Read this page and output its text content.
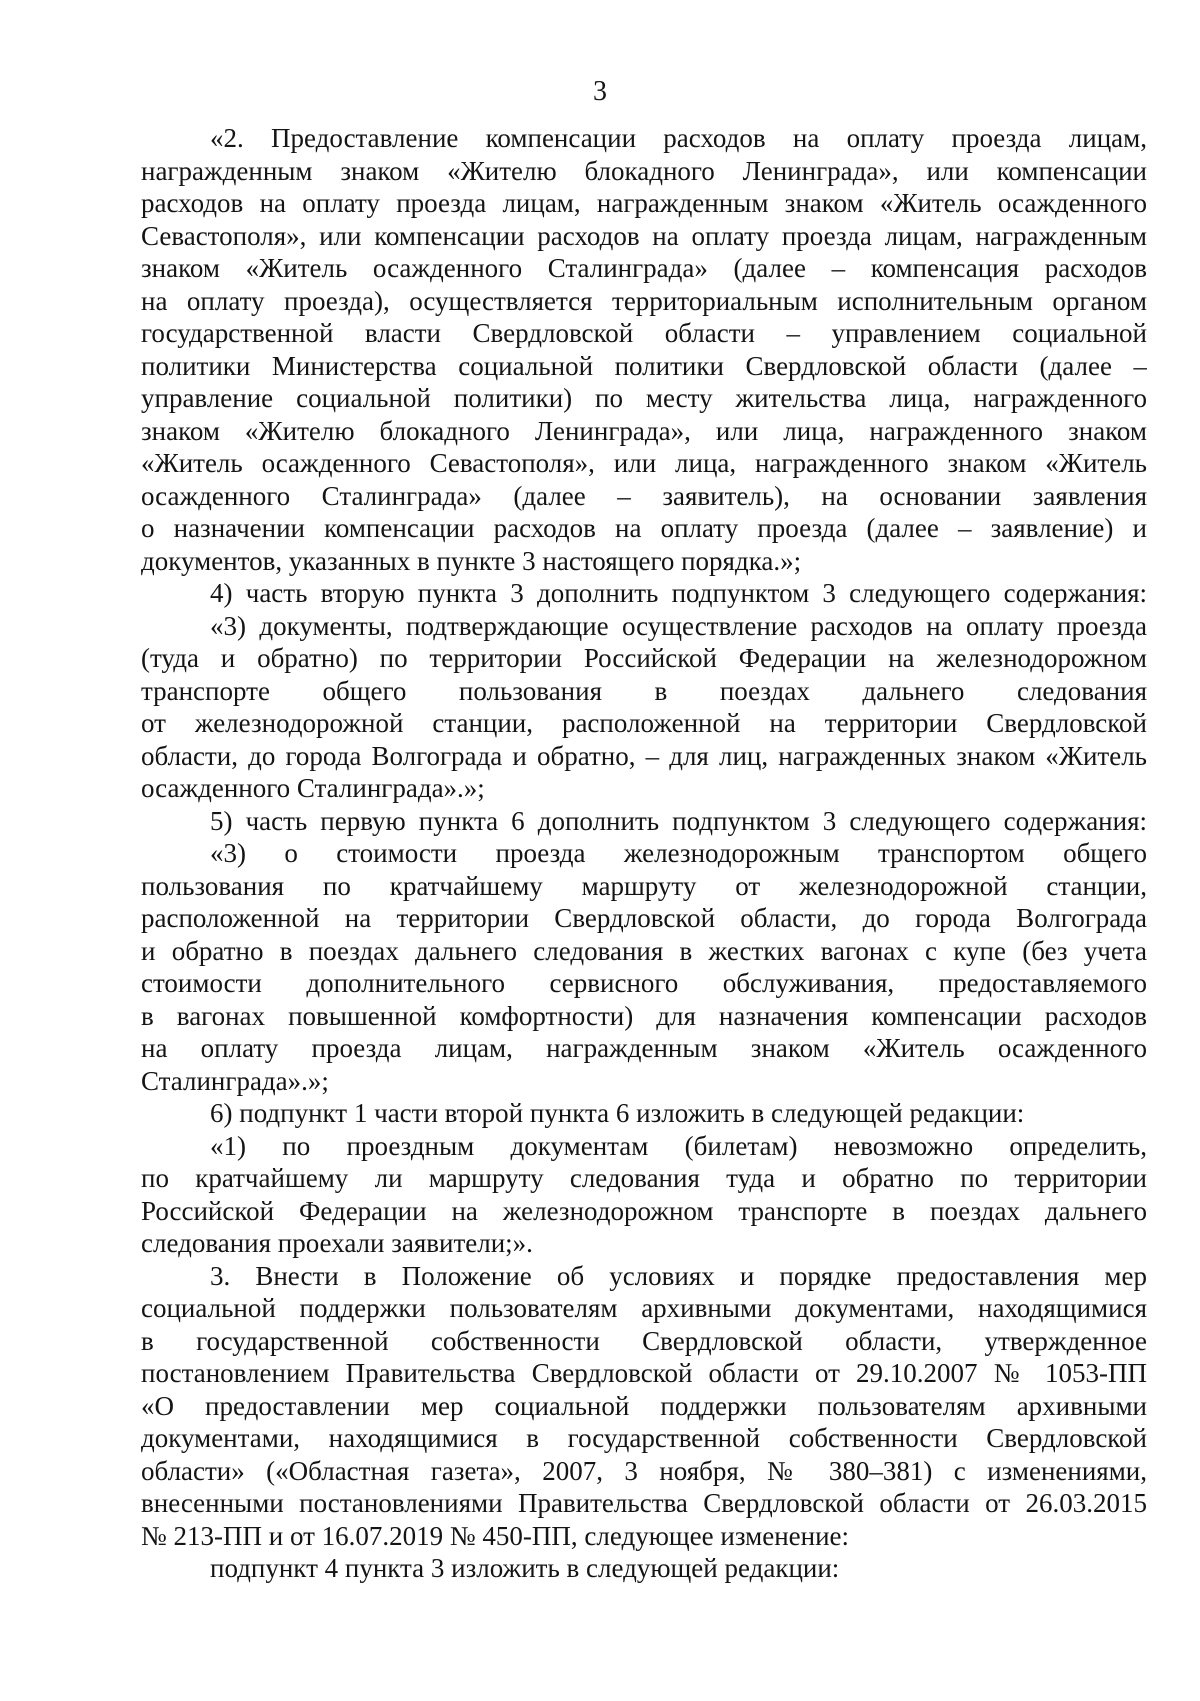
3
«2. Предоставление компенсации расходов на оплату проезда лицам,
награжденным знаком «Жителю блокадного Ленинграда», или компенсации
расходов на оплату проезда лицам, награжденным знаком «Житель осажденного
Севастополя», или компенсации расходов на оплату проезда лицам, награжденным
знаком «Житель осажденного Сталинграда» (далее – компенсация расходов
на оплату проезда), осуществляется территориальным исполнительным органом
государственной власти Свердловской области – управлением социальной
политики Министерства социальной политики Свердловской области (далее –
управление социальной политики) по месту жительства лица, награжденного
знаком «Жителю блокадного Ленинграда», или лица, награжденного знаком
«Житель осажденного Севастополя», или лица, награжденного знаком «Житель
осажденного Сталинграда» (далее – заявитель), на основании заявления
о назначении компенсации расходов на оплату проезда (далее – заявление) и
документов, указанных в пункте 3 настоящего порядка.»;
4) часть вторую пункта 3 дополнить подпунктом 3 следующего содержания:
«3) документы, подтверждающие осуществление расходов на оплату проезда
(туда и обратно) по территории Российской Федерации на железнодорожном
транспорте общего пользования в поездах дальнего следования
от железнодорожной станции, расположенной на территории Свердловской
области, до города Волгограда и обратно, – для лиц, награжденных знаком «Житель
осажденного Сталинграда».»;
5) часть первую пункта 6 дополнить подпунктом 3 следующего содержания:
«3) о стоимости проезда железнодорожным транспортом общего
пользования по кратчайшему маршруту от железнодорожной станции,
расположенной на территории Свердловской области, до города Волгограда
и обратно в поездах дальнего следования в жестких вагонах с купе (без учета
стоимости дополнительного сервисного обслуживания, предоставляемого
в вагонах повышенной комфортности) для назначения компенсации расходов
на оплату проезда лицам, награжденным знаком «Житель осажденного
Сталинграда».»;
6) подпункт 1 части второй пункта 6 изложить в следующей редакции:
«1) по проездным документам (билетам) невозможно определить,
по кратчайшему ли маршруту следования туда и обратно по территории
Российской Федерации на железнодорожном транспорте в поездах дальнего
следования проехали заявители;».
3. Внести в Положение об условиях и порядке предоставления мер
социальной поддержки пользователям архивными документами, находящимися
в государственной собственности Свердловской области, утвержденное
постановлением Правительства Свердловской области от 29.10.2007 № 1053-ПП
«О предоставлении мер социальной поддержки пользователям архивными
документами, находящимися в государственной собственности Свердловской
области» («Областная газета», 2007, 3 ноября, № 380–381) с изменениями,
внесенными постановлениями Правительства Свердловской области от 26.03.2015
№ 213-ПП и от 16.07.2019 № 450-ПП, следующее изменение:
подпункт 4 пункта 3 изложить в следующей редакции:
